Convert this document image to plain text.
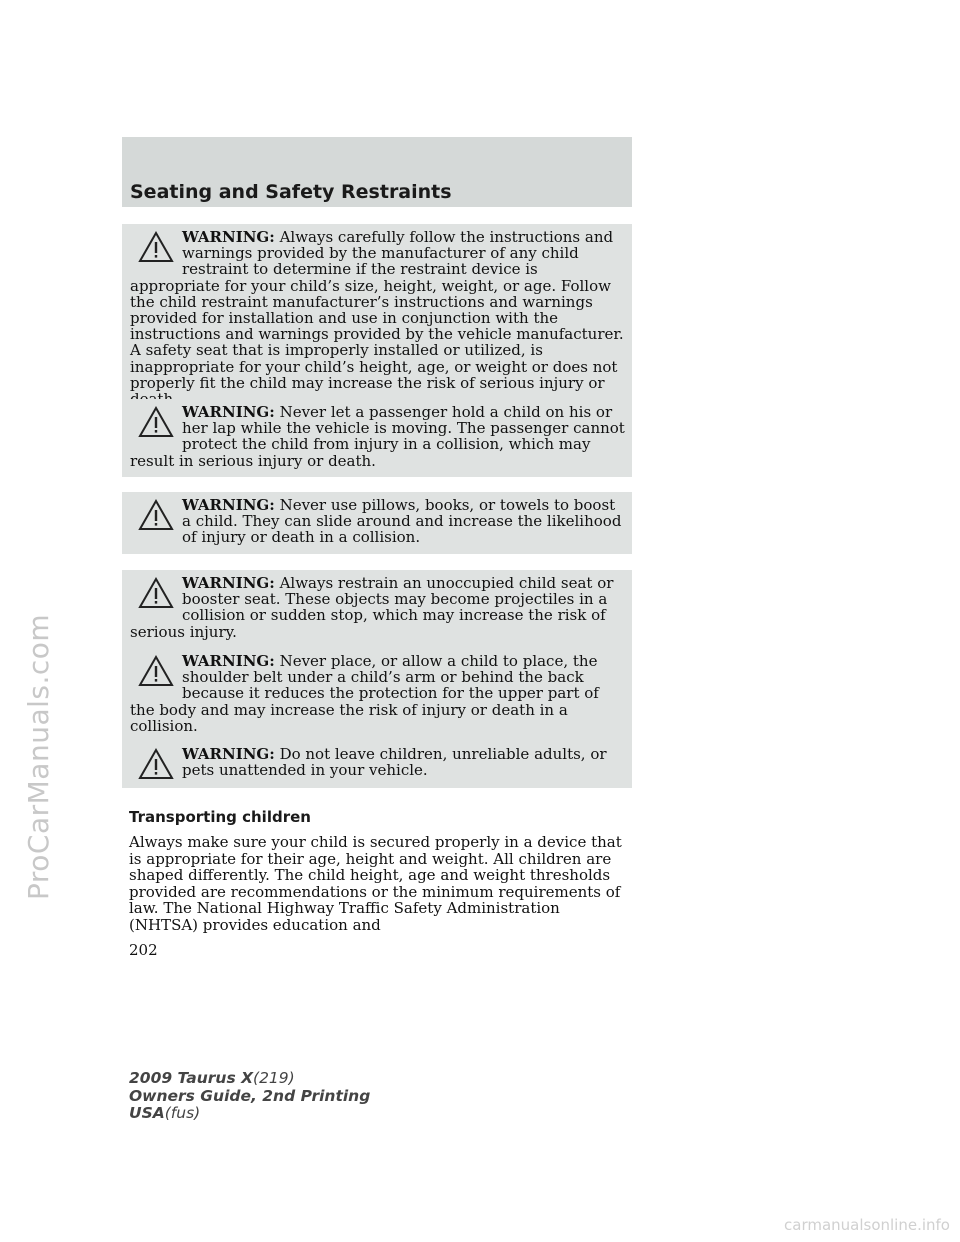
ProCarManuals.com
Seating and Safety Restraints
WARNING: Always carefully follow the instructions and warnings provided by the manufacturer of any child restraint to determine if the restraint device is appropriate for your child’s size, height, weight, or age. Follow the child restraint manufacturer’s instructions and warnings provided for installation and use in conjunction with the instructions and warnings provided by the vehicle manufacturer. A safety seat that is improperly installed or utilized, is inappropriate for your child’s height, age, or weight or does not properly fit the child may increase the risk of serious injury or
WARNING: Never let a passenger hold a child on his or her lap while the vehicle is moving. The passenger cannot protect the child from injury in a collision, which may result in serious injury or death.
WARNING: Never use pillows, books, or towels to boost a child. They can slide around and increase the likelihood of injury or death in a collision.
WARNING: Always restrain an unoccupied child seat or booster seat. These objects may become projectiles in a collision or sudden stop, which may increase the risk of serious injury.
WARNING: Never place, or allow a child to place, the shoulder belt under a child’s arm or behind the back because it reduces the protection for the upper part of the body and may increase the risk of injury or death in a collision.
WARNING: Do not leave children, unreliable adults, or pets unattended in your vehicle.
Transporting children

Always make sure your child is secured properly in a device that is appropriate for their age, height and weight. All children are shaped differently. The child height, age and weight thresholds provided are recommendations or the minimum requirements of law. The National Highway Traffic Safety Administration (NHTSA) provides education and

202
2009 Taurus X(219)
Owners Guide, 2nd Printing
USA(fus)
carmanualsonline.info
